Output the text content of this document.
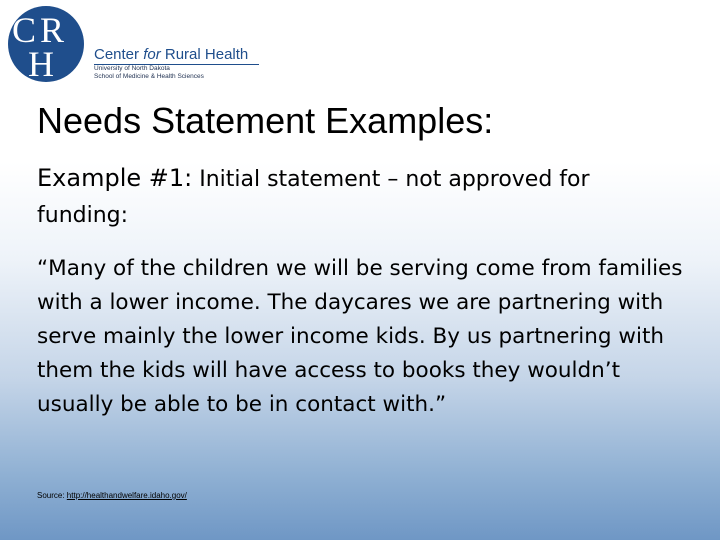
C R
H	Center for Rural Health
University of North Dakota
School of Medicine & Health Sciences
Needs Statement Examples:
Example #1: Initial statement – not approved for funding:
“Many of the children we will be serving come from families with a lower income. The daycares we are partnering with serve mainly the lower income kids. By us partnering with them the kids will have access to books they wouldn’t usually be able to be in contact with.”
Source: http://healthandwelfare.idaho.gov/
